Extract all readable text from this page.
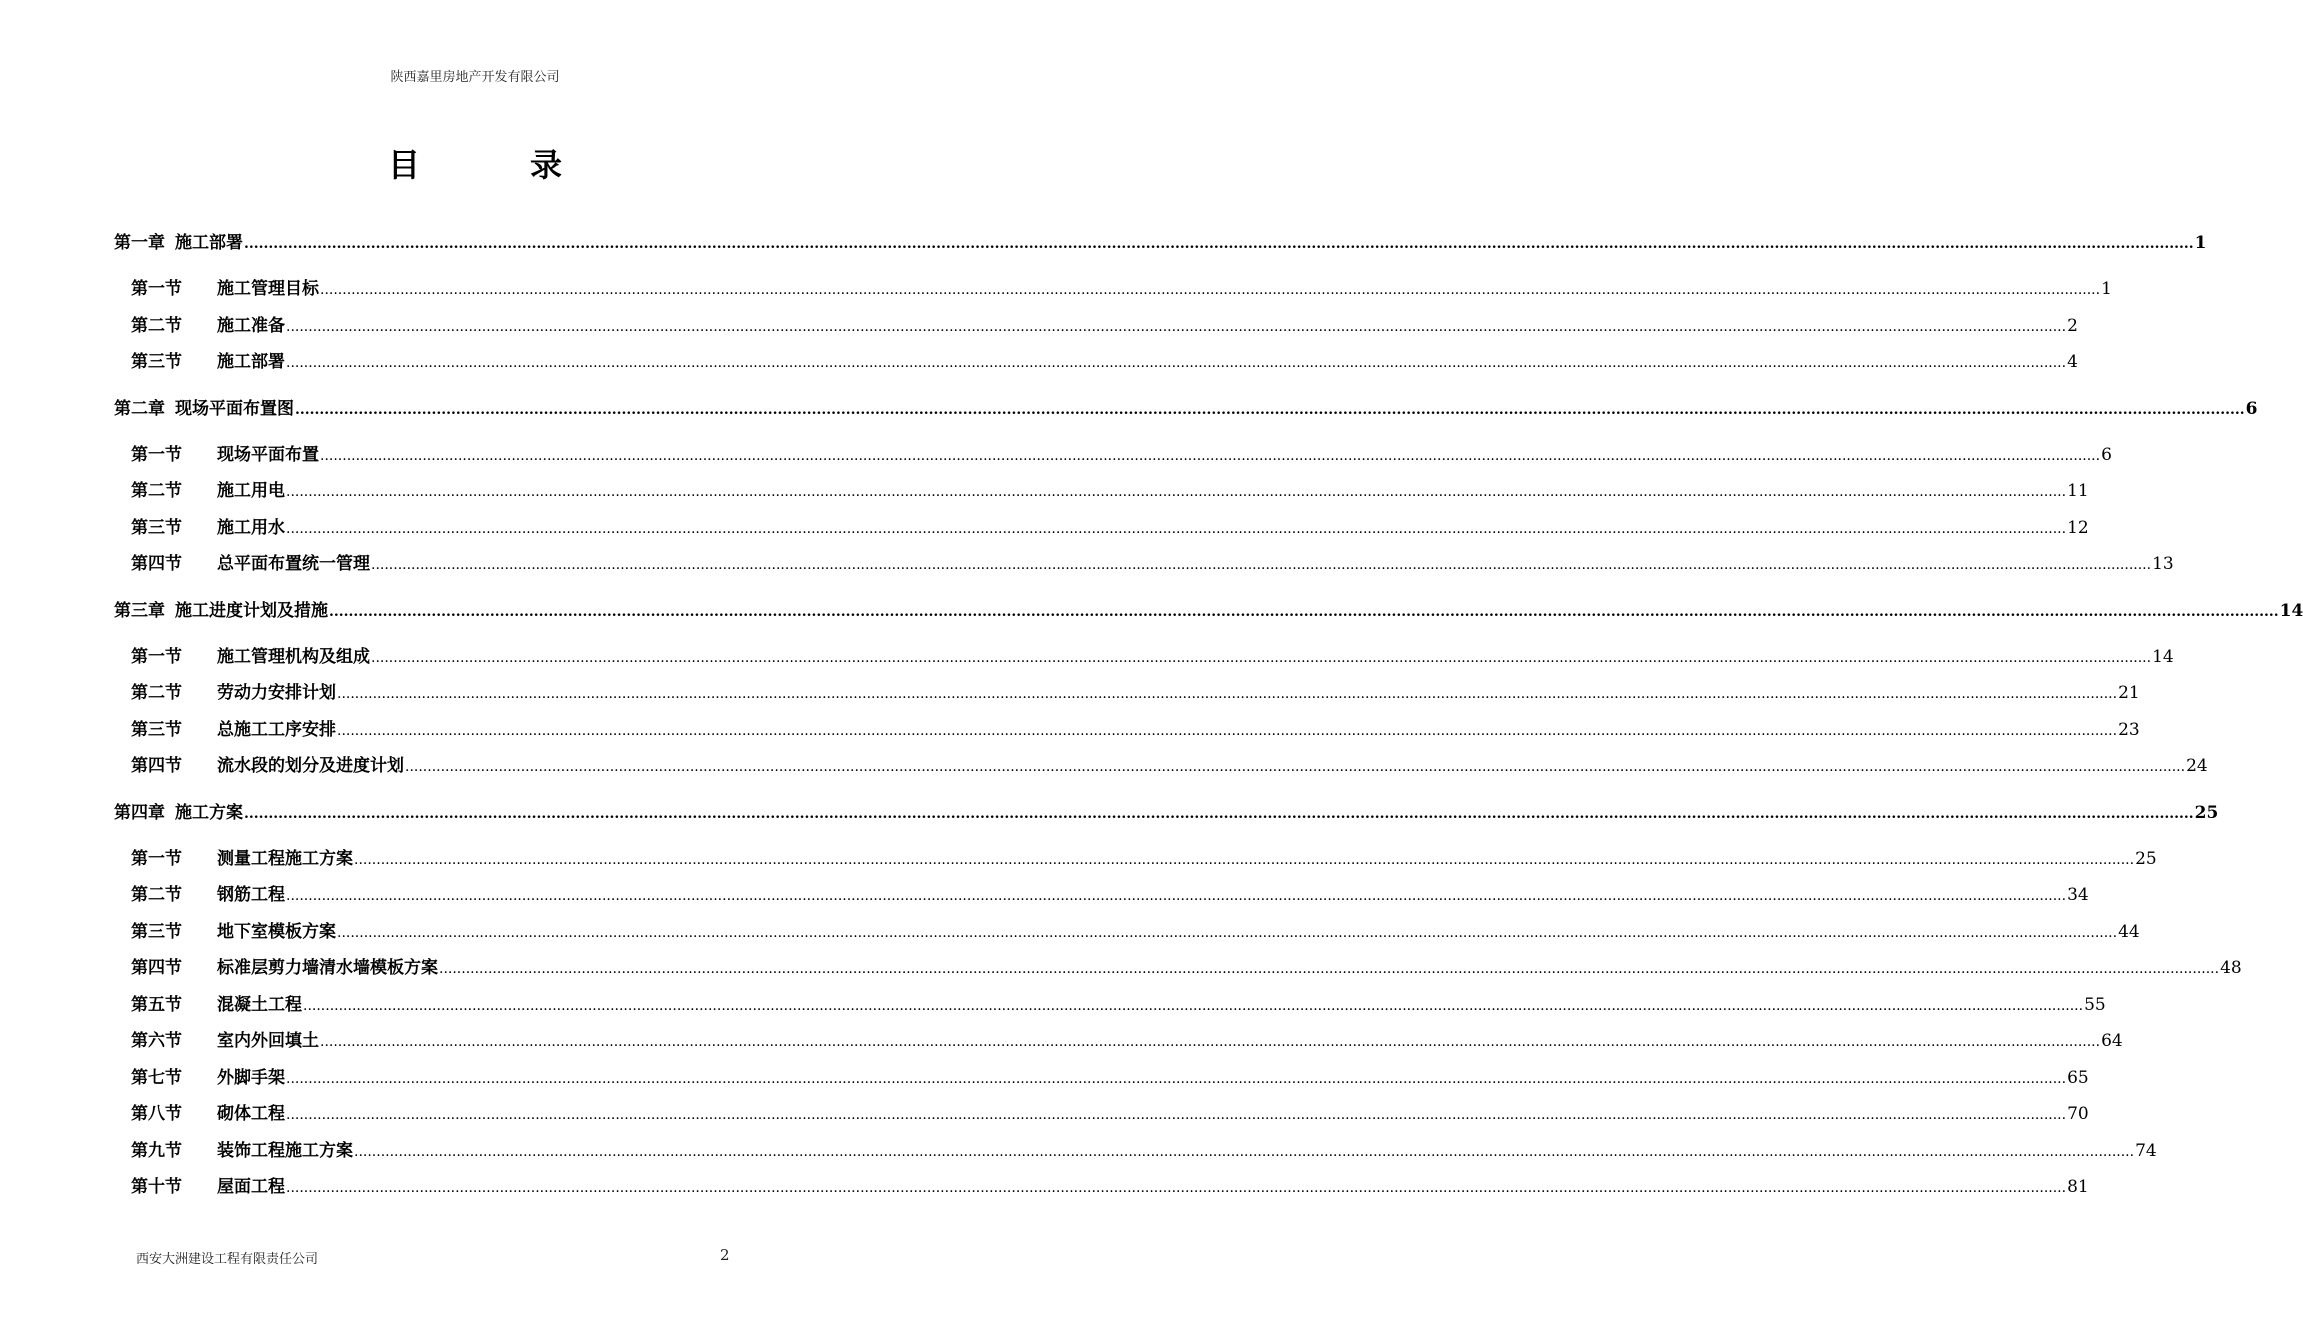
陕西嘉里房地产开发有限公司
目	录
第一章 施工部署 ................................................................................................................................................................................................................................................................................................................................................................................................................ 1
第一节 施工管理目标 ................................................................................................................................................................................................................................................................................................................................................................................................................ 1
第二节 施工准备 ................................................................................................................................................................................................................................................................................................................................................................................................................ 2
第三节 施工部署 ................................................................................................................................................................................................................................................................................................................................................................................................................ 4
第二章 现场平面布置图 ................................................................................................................................................................................................................................................................................................................................................................................................................ 6
第一节 现场平面布置 ................................................................................................................................................................................................................................................................................................................................................................................................................ 6
第二节 施工用电 ................................................................................................................................................................................................................................................................................................................................................................................................................ 11
第三节 施工用水 ................................................................................................................................................................................................................................................................................................................................................................................................................ 12
第四节 总平面布置统一管理 ................................................................................................................................................................................................................................................................................................................................................................................................................ 13
第三章 施工进度计划及措施 ................................................................................................................................................................................................................................................................................................................................................................................................................ 14
第一节 施工管理机构及组成 ................................................................................................................................................................................................................................................................................................................................................................................................................ 14
第二节 劳动力安排计划 ................................................................................................................................................................................................................................................................................................................................................................................................................ 21
第三节 总施工工序安排 ................................................................................................................................................................................................................................................................................................................................................................................................................ 23
第四节 流水段的划分及进度计划 ................................................................................................................................................................................................................................................................................................................................................................................................................ 24
第四章 施工方案 ................................................................................................................................................................................................................................................................................................................................................................................................................ 25
第一节 测量工程施工方案 ................................................................................................................................................................................................................................................................................................................................................................................................................ 25
第二节 钢筋工程 ................................................................................................................................................................................................................................................................................................................................................................................................................ 34
第三节 地下室模板方案 ................................................................................................................................................................................................................................................................................................................................................................................................................ 44
第四节 标准层剪力墙清水墙模板方案 ................................................................................................................................................................................................................................................................................................................................................................................................................ 48
第五节 混凝土工程 ................................................................................................................................................................................................................................................................................................................................................................................................................ 55
第六节 室内外回填土 ................................................................................................................................................................................................................................................................................................................................................................................................................ 64
第七节 外脚手架 ................................................................................................................................................................................................................................................................................................................................................................................................................ 65
第八节 砌体工程 ................................................................................................................................................................................................................................................................................................................................................................................................................ 70
第九节 装饰工程施工方案 ................................................................................................................................................................................................................................................................................................................................................................................................................ 74
第十节 屋面工程 ................................................................................................................................................................................................................................................................................................................................................................................................................ 81
西安大洲建设工程有限责任公司	2
